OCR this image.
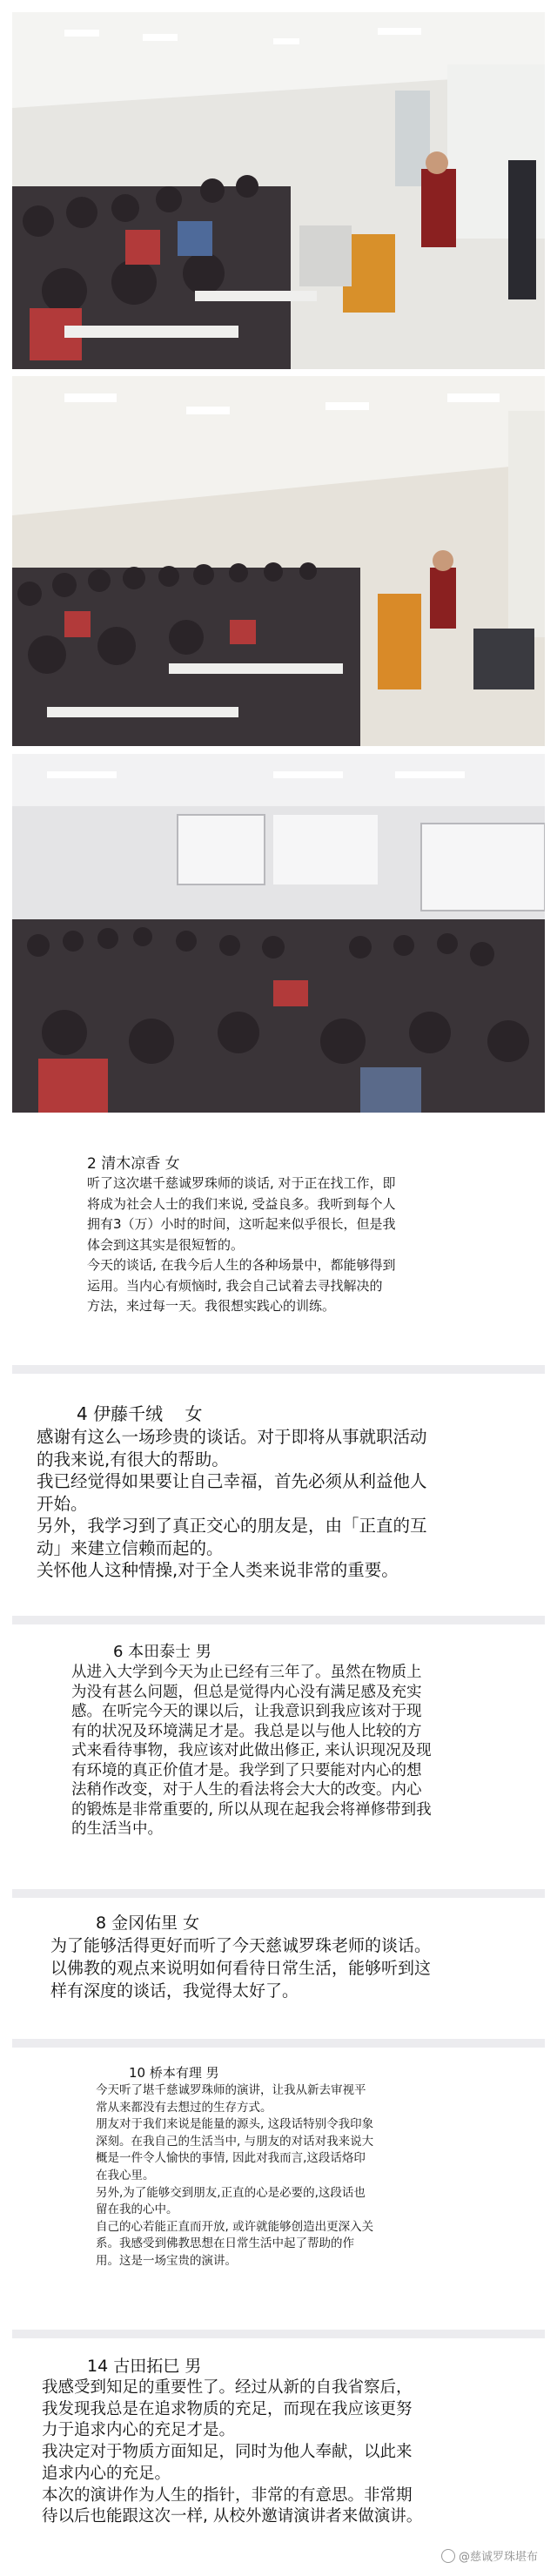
2 清木凉香 女

听了这次堪千慈诚罗珠师的谈话, 对于正在找工作，即

将成为社会人士的我们来说, 受益良多。我听到每个人

拥有3（万）小时的时间，这听起来似乎很长，但是我

体会到这其实是很短暂的。

今天的谈话, 在我今后人生的各种场景中，都能够得到

运用。当内心有烦恼时, 我会自己试着去寻找解决的

方法，来过每一天。我很想实践心的训练。

4 伊藤千绒    女

感谢有这么一场珍贵的谈话。对于即将从事就职活动

的我来说,有很大的帮助。

我已经觉得如果要让自己幸福，首先必须从利益他人

开始。

另外，我学习到了真正交心的朋友是，由「正直的互

动」来建立信赖而起的。

关怀他人这种情操,对于全人类来说非常的重要。

6 本田泰士 男

从进入大学到今天为止已经有三年了。虽然在物质上

为没有甚么问题，但总是觉得内心没有满足感及充实

感。在听完今天的课以后，让我意识到我应该对于现

有的状况及环境满足才是。我总是以与他人比较的方

式来看待事物，我应该对此做出修正, 来认识现况及现

有环境的真正价值才是。我学到了只要能对内心的想

法稍作改变，对于人生的看法将会大大的改变。内心

的锻炼是非常重要的, 所以从现在起我会将禅修带到我

的生活当中。

8 金冈佑里 女

为了能够活得更好而听了今天慈诚罗珠老师的谈话。

以佛教的观点来说明如何看待日常生活，能够听到这

样有深度的谈话，我觉得太好了。

10 桥本有理 男

今天听了堪千慈诚罗珠师的演讲，让我从新去审视平

常从来都没有去想过的生存方式。

朋友对于我们来说是能量的源头, 这段话特别令我印象

深刻。在我自己的生活当中, 与朋友的对话对我来说大

概是一件令人愉快的事情, 因此对我而言,这段话烙印

在我心里。

另外,为了能够交到朋友,正直的心是必要的,这段话也

留在我的心中。

自己的心若能正直而开放, 或许就能够创造出更深入关

系。我感受到佛教思想在日常生活中起了帮助的作

用。这是一场宝贵的演讲。

14 古田拓巳 男

我感受到知足的重要性了。经过从新的自我省察后，

我发现我总是在追求物质的充足，而现在我应该更努

力于追求内心的充足才是。

我决定对于物质方面知足，同时为他人奉献，以此来

追求内心的充足。

本次的演讲作为人生的指针，非常的有意思。非常期

待以后也能跟这次一样, 从校外邀请演讲者来做演讲。

@慈诚罗珠堪布
